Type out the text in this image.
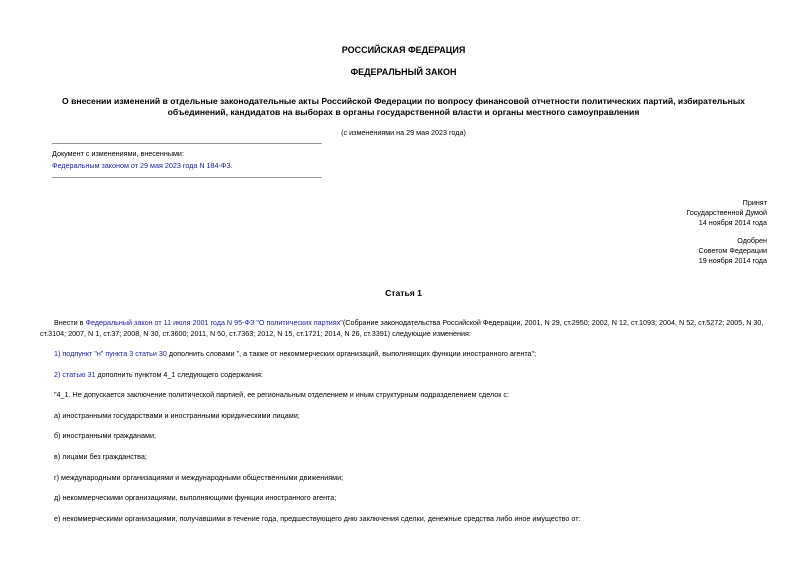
РОССИЙСКАЯ ФЕДЕРАЦИЯ
ФЕДЕРАЛЬНЫЙ ЗАКОН
О внесении изменений в отдельные законодательные акты Российской Федерации по вопросу финансовой отчетности политических партий, избирательных объединений, кандидатов на выборах в органы государственной власти и органы местного самоуправления
(с изменениями на 29 мая 2023 года)
Документ с изменениями, внесенными:
Федеральным законом от 29 мая 2023 года N 184-ФЗ.
Принят
Государственной Думой
14 ноября 2014 года
Одобрен
Советом Федерации
19 ноября 2014 года
Статья 1
Внести в Федеральный закон от 11 июля 2001 года N 95-ФЗ "О политических партиях"(Собрание законодательства Российской Федерации, 2001, N 29, ст.2950; 2002, N 12, ст.1093; 2004, N 52, ст.5272; 2005, N 30, ст.3104; 2007, N 1, ст.37; 2008, N 30, ст.3600; 2011, N 50, ст.7363; 2012, N 15, ст.1721; 2014, N 26, ст.3391) следующие изменения:
1) подпункт "н" пункта 3 статьи 30 дополнить словами ", а также от некоммерческих организаций, выполняющих функции иностранного агента";
2) статью 31 дополнить пунктом 4_1 следующего содержания:
"4_1. Не допускается заключение политической партией, ее региональным отделением и иным структурным подразделением сделок с:
а) иностранными государствами и иностранными юридическими лицами;
б) иностранными гражданами;
в) лицами без гражданства;
г) международными организациями и международными общественными движениями;
д) некоммерческими организациями, выполняющими функции иностранного агента;
е) некоммерческими организациями, получавшими в течение года, предшествующего дню заключения сделки, денежные средства либо иное имущество от:
